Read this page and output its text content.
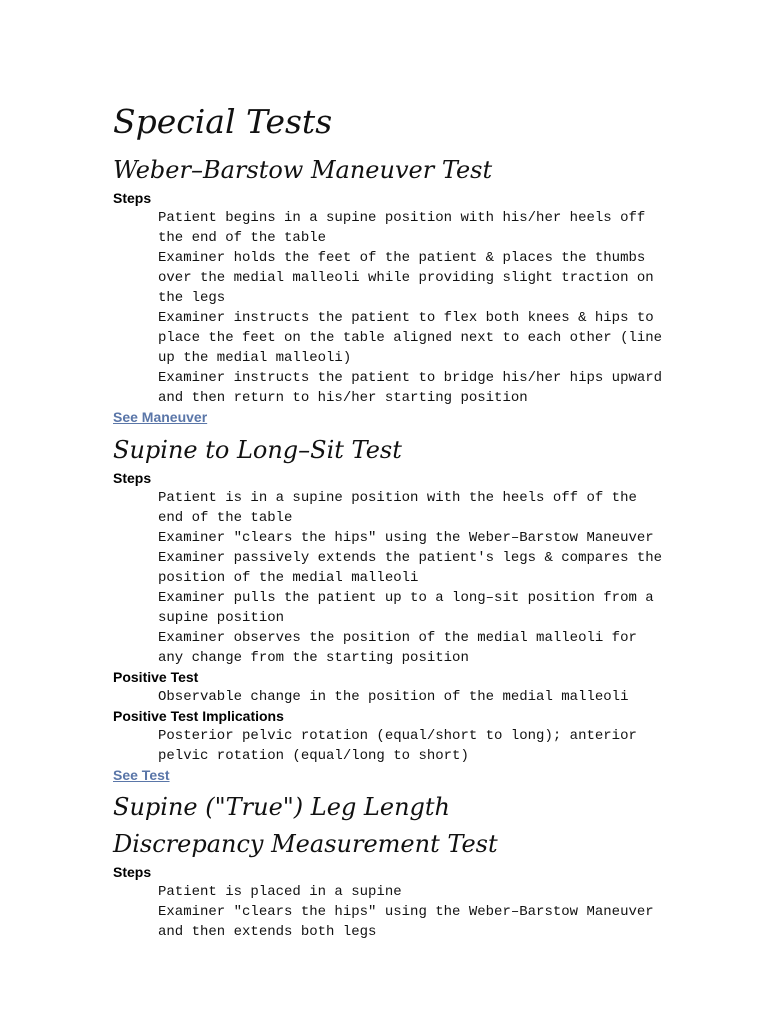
Special Tests
Weber–Barstow Maneuver Test

Steps

Patient begins in a supine position with his/her heels off the end of the table

Examiner holds the feet of the patient & places the thumbs over the medial malleoli while providing slight traction on the legs

Examiner instructs the patient to flex both knees & hips to place the feet on the table aligned next to each other (line up the medial malleoli)

Examiner instructs the patient to bridge his/her hips upward and then return to his/her starting position

See Maneuver
Supine to Long–Sit Test

Steps

Patient is in a supine position with the heels off of the end of the table

Examiner "clears the hips" using the Weber–Barstow Maneuver

Examiner passively extends the patient's legs & compares the position of the medial malleoli

Examiner pulls the patient up to a long–sit position from a supine position

Examiner observes the position of the medial malleoli for any change from the starting position

Positive Test

Observable change in the position of the medial malleoli

Positive Test Implications

Posterior pelvic rotation (equal/short to long); anterior pelvic rotation (equal/long to short)

See Test
Supine ("True") Leg Length Discrepancy Measurement Test

Steps

Patient is placed in a supine

Examiner "clears the hips" using the Weber–Barstow Maneuver and then extends both legs
